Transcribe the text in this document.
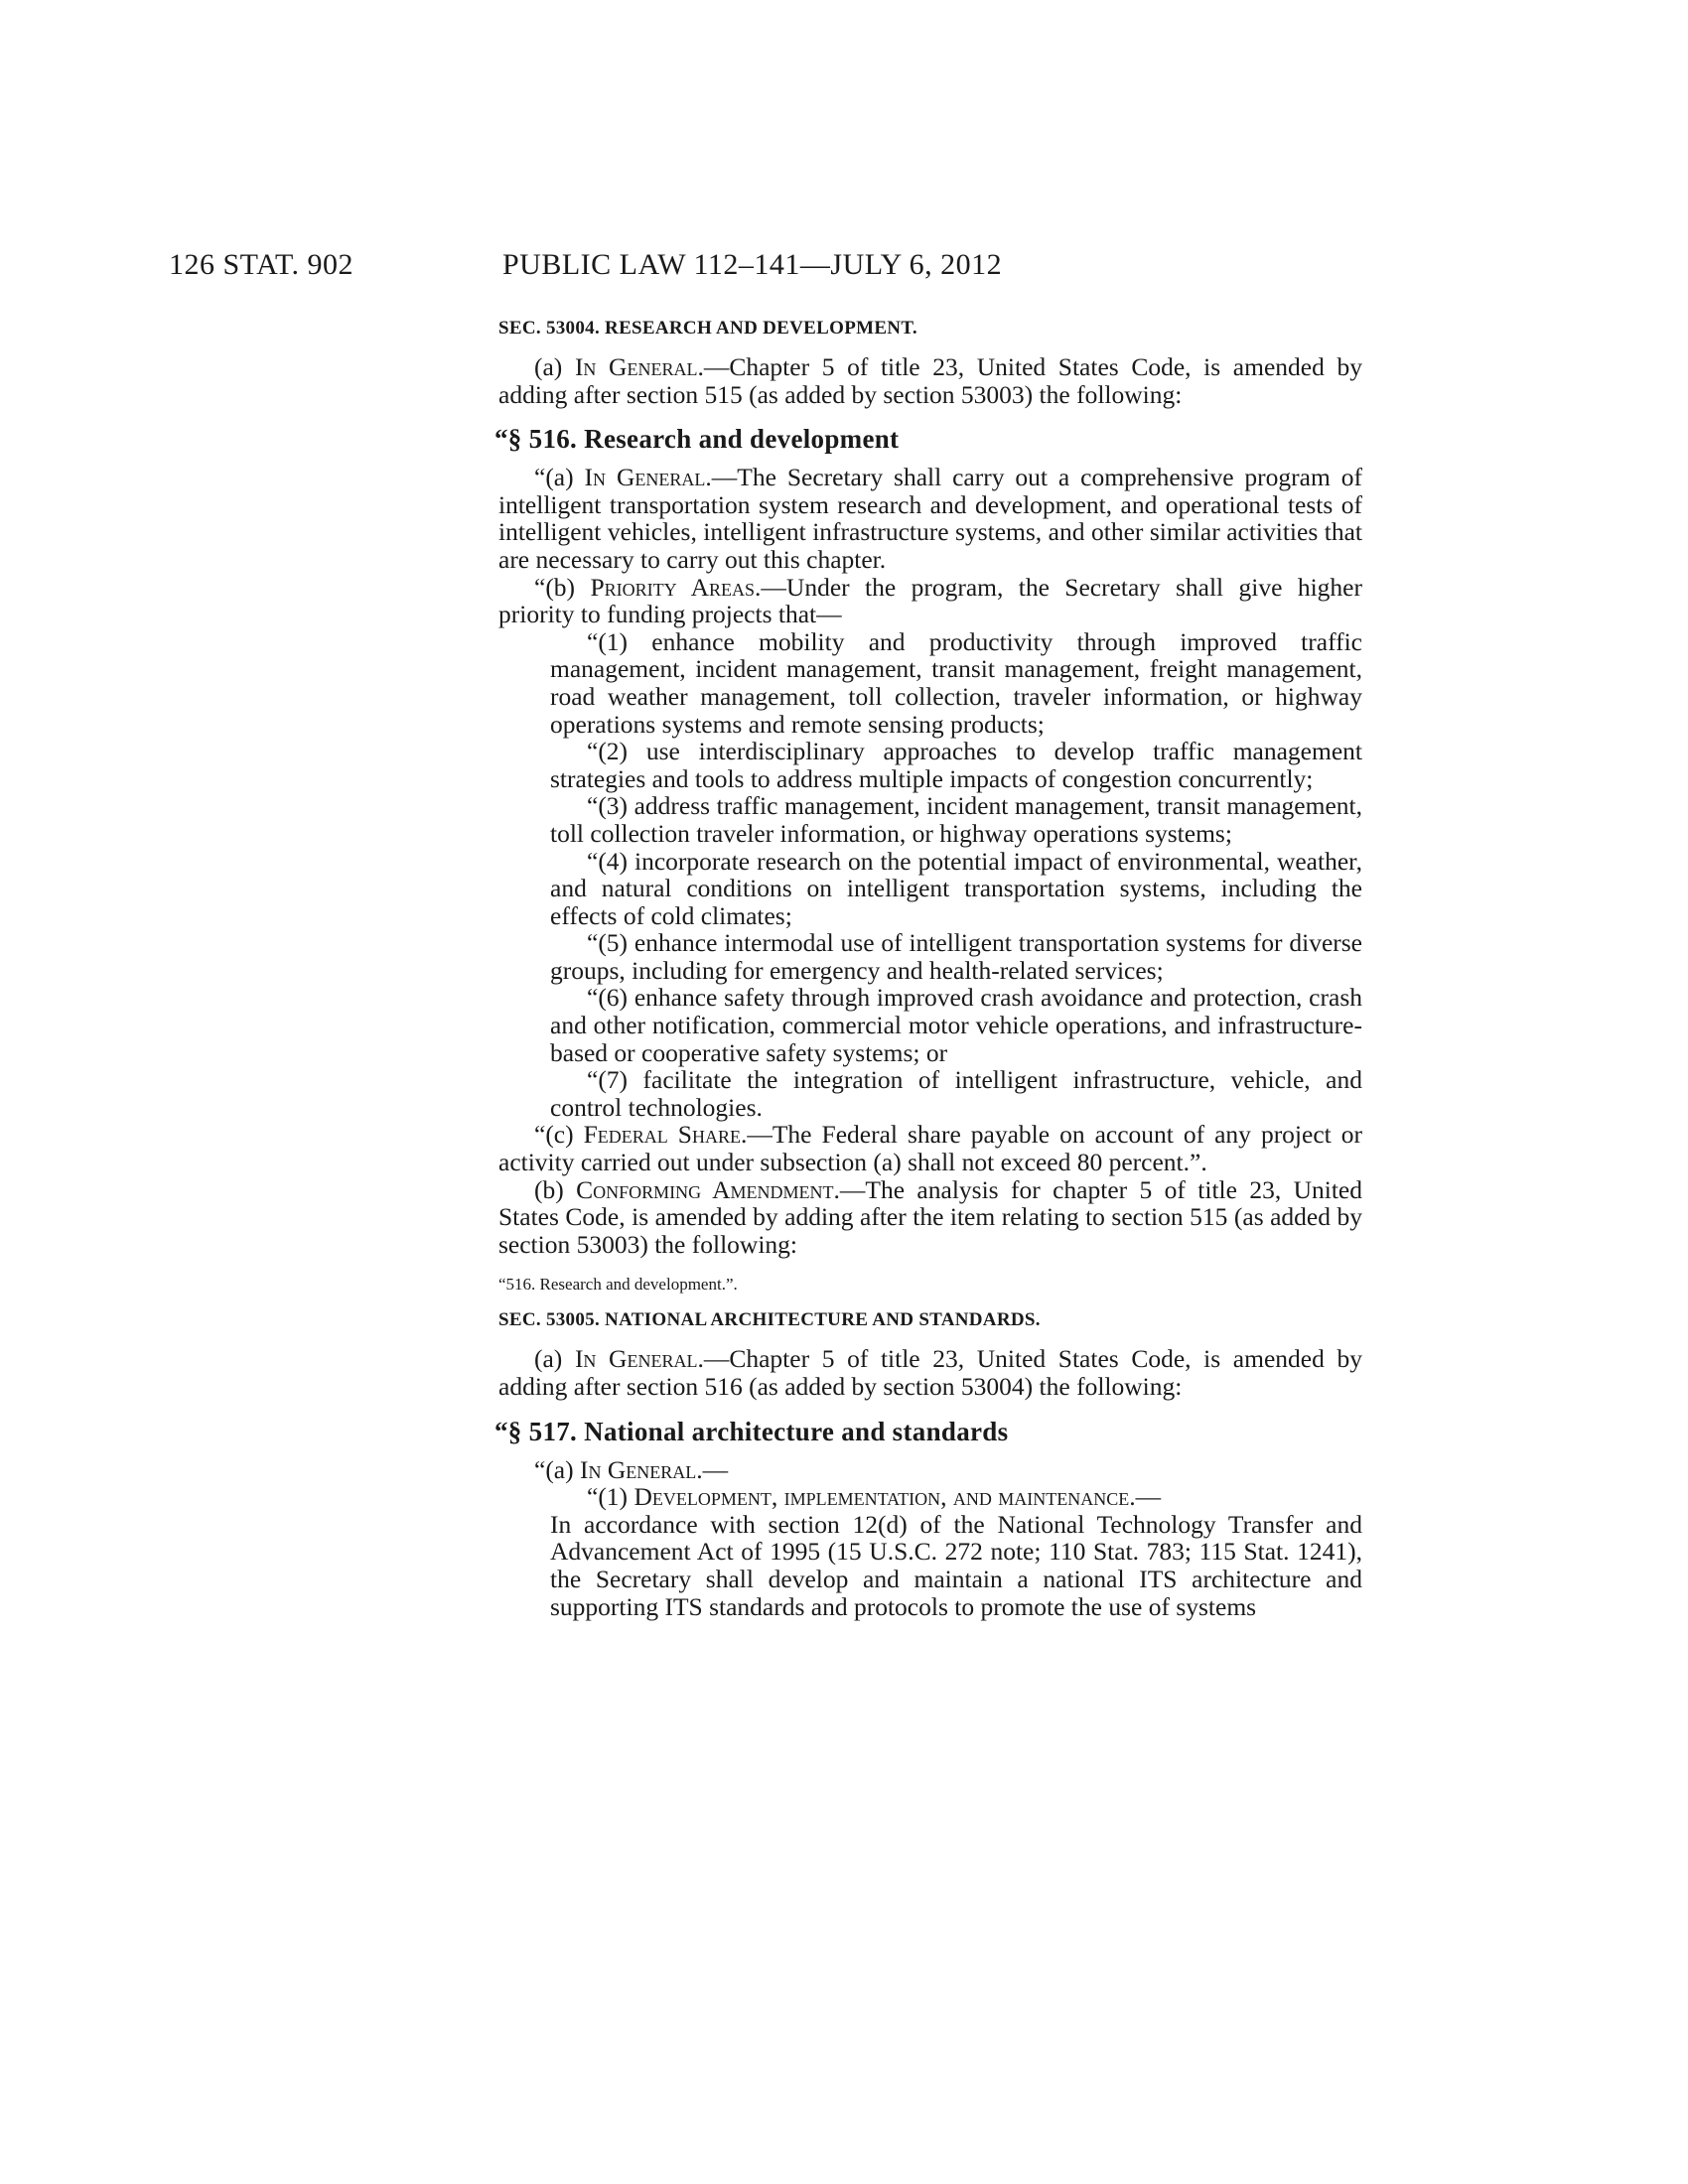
126 STAT. 902	PUBLIC LAW 112–141—JULY 6, 2012
SEC. 53004. RESEARCH AND DEVELOPMENT.

(a) In General.—Chapter 5 of title 23, United States Code, is amended by adding after section 515 (as added by section 53003) the following:

“§ 516. Research and development

“(a) In General.—The Secretary shall carry out a comprehensive program of intelligent transportation system research and development, and operational tests of intelligent vehicles, intelligent infrastructure systems, and other similar activities that are necessary to carry out this chapter.

“(b) Priority Areas.—Under the program, the Secretary shall give higher priority to funding projects that—

“(1) enhance mobility and productivity through improved traffic management, incident management, transit management, freight management, road weather management, toll collection, traveler information, or highway operations systems and remote sensing products;

“(2) use interdisciplinary approaches to develop traffic management strategies and tools to address multiple impacts of congestion concurrently;

“(3) address traffic management, incident management, transit management, toll collection traveler information, or highway operations systems;

“(4) incorporate research on the potential impact of environmental, weather, and natural conditions on intelligent transportation systems, including the effects of cold climates;

“(5) enhance intermodal use of intelligent transportation systems for diverse groups, including for emergency and health-related services;

“(6) enhance safety through improved crash avoidance and protection, crash and other notification, commercial motor vehicle operations, and infrastructure-based or cooperative safety systems; or

“(7) facilitate the integration of intelligent infrastructure, vehicle, and control technologies.

“(c) Federal Share.—The Federal share payable on account of any project or activity carried out under subsection (a) shall not exceed 80 percent.”.

(b) Conforming Amendment.—The analysis for chapter 5 of title 23, United States Code, is amended by adding after the item relating to section 515 (as added by section 53003) the following:

“516. Research and development.”.
SEC. 53005. NATIONAL ARCHITECTURE AND STANDARDS.

(a) In General.—Chapter 5 of title 23, United States Code, is amended by adding after section 516 (as added by section 53004) the following:

“§ 517. National architecture and standards

“(a) In General.—

“(1) Development, implementation, and maintenance.—

In accordance with section 12(d) of the National Technology Transfer and Advancement Act of 1995 (15 U.S.C. 272 note; 110 Stat. 783; 115 Stat. 1241), the Secretary shall develop and maintain a national ITS architecture and supporting ITS standards and protocols to promote the use of systems
